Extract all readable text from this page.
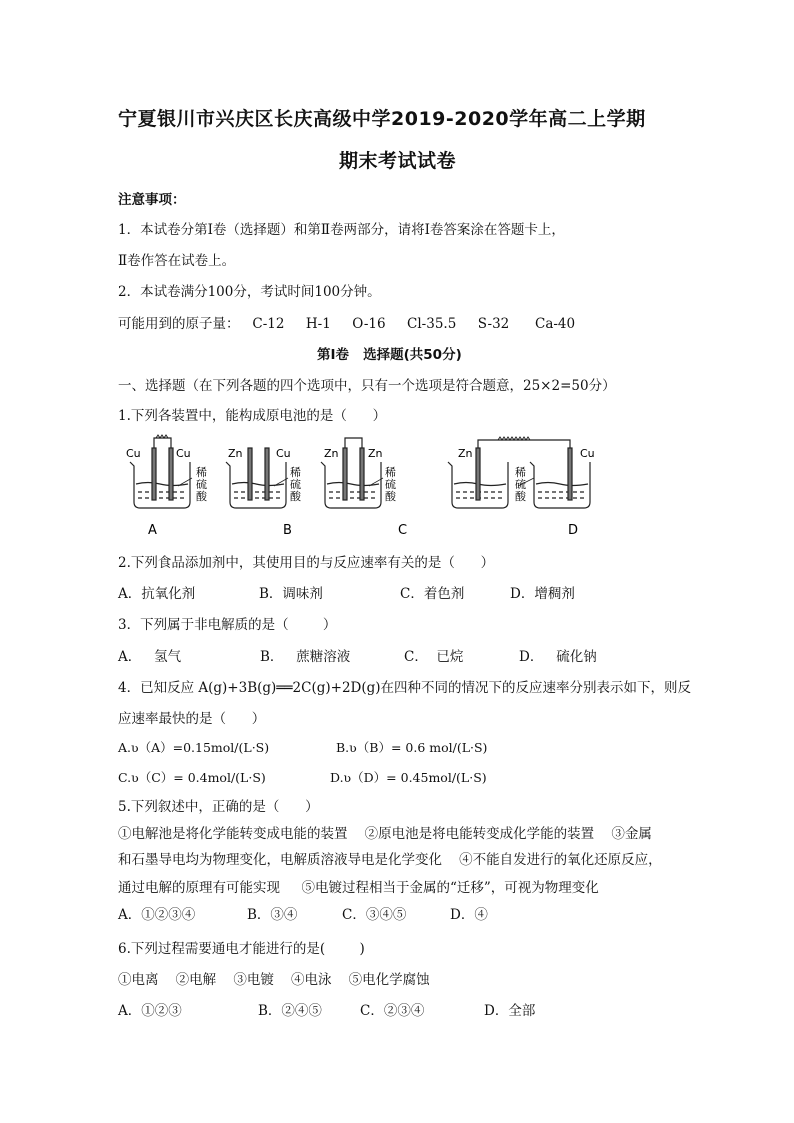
宁夏银川市兴庆区长庆高级中学2019-2020学年高二上学期
期末考试试卷
注意事项：
1．本试卷分第Ⅰ卷（选择题）和第Ⅱ卷两部分，请将Ⅰ卷答案涂在答题卡上，
Ⅱ卷作答在试卷上。
2．本试卷满分100分，考试时间100分钟。
可能用到的原子量：   C-12     H-1     O-16     Cl-35.5     S-32      Ca-40
第Ⅰ卷   选择题(共50分)
一、选择题（在下列各题的四个选项中，只有一个选项是符合题意，25×2=50分）
1.下列各装置中，能构成原电池的是（      ）
Cu	Cu
稀
硫
酸
A
Zn	Cu
稀
硫
酸
B
Zn	Zn
稀
硫
酸
C
Zn	Cu
稀
硫
酸
D
2.下列食品添加剂中，其使用目的与反应速率有关的是（      ）
A．抗氧化剂	B．调味剂	C．着色剂	D．增稠剂
3．下列属于非电解质的是（        ）
A．   氢气	B．   蔗糖溶液	C．  已烷	D．   硫化钠
4．已知反应 A(g)+3B(g)══2C(g)+2D(g)在四种不同的情况下的反应速率分别表示如下，则反
应速率最快的是（      ）
A.ʋ（A）=0.15mol/(L·S)	B.ʋ（B）= 0.6 mol/(L·S)
C.ʋ（C）= 0.4mol/(L·S)	D.ʋ（D）= 0.45mol/(L·S)
5.下列叙述中，正确的是（      ）
①电解池是将化学能转变成电能的装置    ②原电池是将电能转变成化学能的装置    ③金属
和石墨导电均为物理变化，电解质溶液导电是化学变化    ④不能自发进行的氧化还原反应，
通过电解的原理有可能实现     ⑤电镀过程相当于金属的“迁移”，可视为物理变化
A．①②③④	B．③④	C．③④⑤	D．④
6.下列过程需要通电才能进行的是(        )
①电离    ②电解    ③电镀    ④电泳    ⑤电化学腐蚀
A．①②③	B．②④⑤	C．②③④	D．全部
